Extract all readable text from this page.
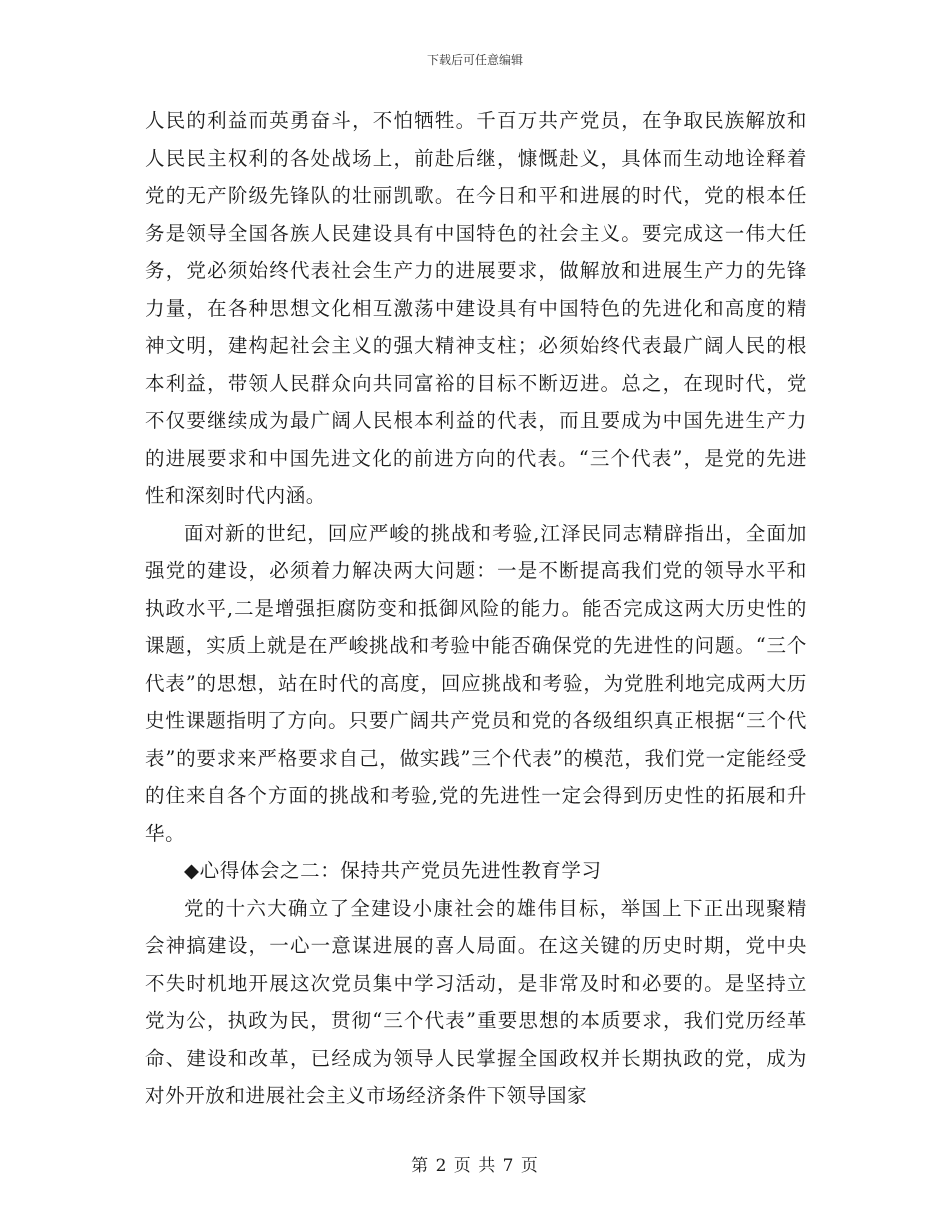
下载后可任意编辑

人民的利益而英勇奋斗，不怕牺牲。千百万共产党员，在争取民族解放和人民民主权利的各处战场上，前赴后继，慷慨赴义，具体而生动地诠释着党的无产阶级先锋队的壮丽凯歌。在今日和平和进展的时代，党的根本任务是领导全国各族人民建设具有中国特色的社会主义。要完成这一伟大任务，党必须始终代表社会生产力的进展要求，做解放和进展生产力的先锋力量，在各种思想文化相互激荡中建设具有中国特色的先进化和高度的精神文明，建构起社会主义的强大精神支柱；必须始终代表最广阔人民的根本利益，带领人民群众向共同富裕的目标不断迈进。总之，在现时代，党不仅要继续成为最广阔人民根本利益的代表，而且要成为中国先进生产力的进展要求和中国先进文化的前进方向的代表。“三个代表”，是党的先进性和深刻时代内涵。

面对新的世纪，回应严峻的挑战和考验,江泽民同志精辟指出，全面加强党的建设，必须着力解决两大问题：一是不断提高我们党的领导水平和执政水平,二是增强拒腐防变和抵御风险的能力。能否完成这两大历史性的课题，实质上就是在严峻挑战和考验中能否确保党的先进性的问题。“三个代表”的思想，站在时代的高度，回应挑战和考验，为党胜利地完成两大历史性课题指明了方向。只要广阔共产党员和党的各级组织真正根据“三个代表”的要求来严格要求自己，做实践”三个代表”的模范，我们党一定能经受的住来自各个方面的挑战和考验,党的先进性一定会得到历史性的拓展和升华。

◆心得体会之二：保持共产党员先进性教育学习

党的十六大确立了全建设小康社会的雄伟目标，举国上下正出现聚精会神搞建设，一心一意谋进展的喜人局面。在这关键的历史时期，党中央不失时机地开展这次党员集中学习活动，是非常及时和必要的。是坚持立党为公，执政为民，贯彻“三个代表”重要思想的本质要求，我们党历经革命、建设和改革，已经成为领导人民掌握全国政权并长期执政的党，成为对外开放和进展社会主义市场经济条件下领导国家

第 2 页 共 7 页
